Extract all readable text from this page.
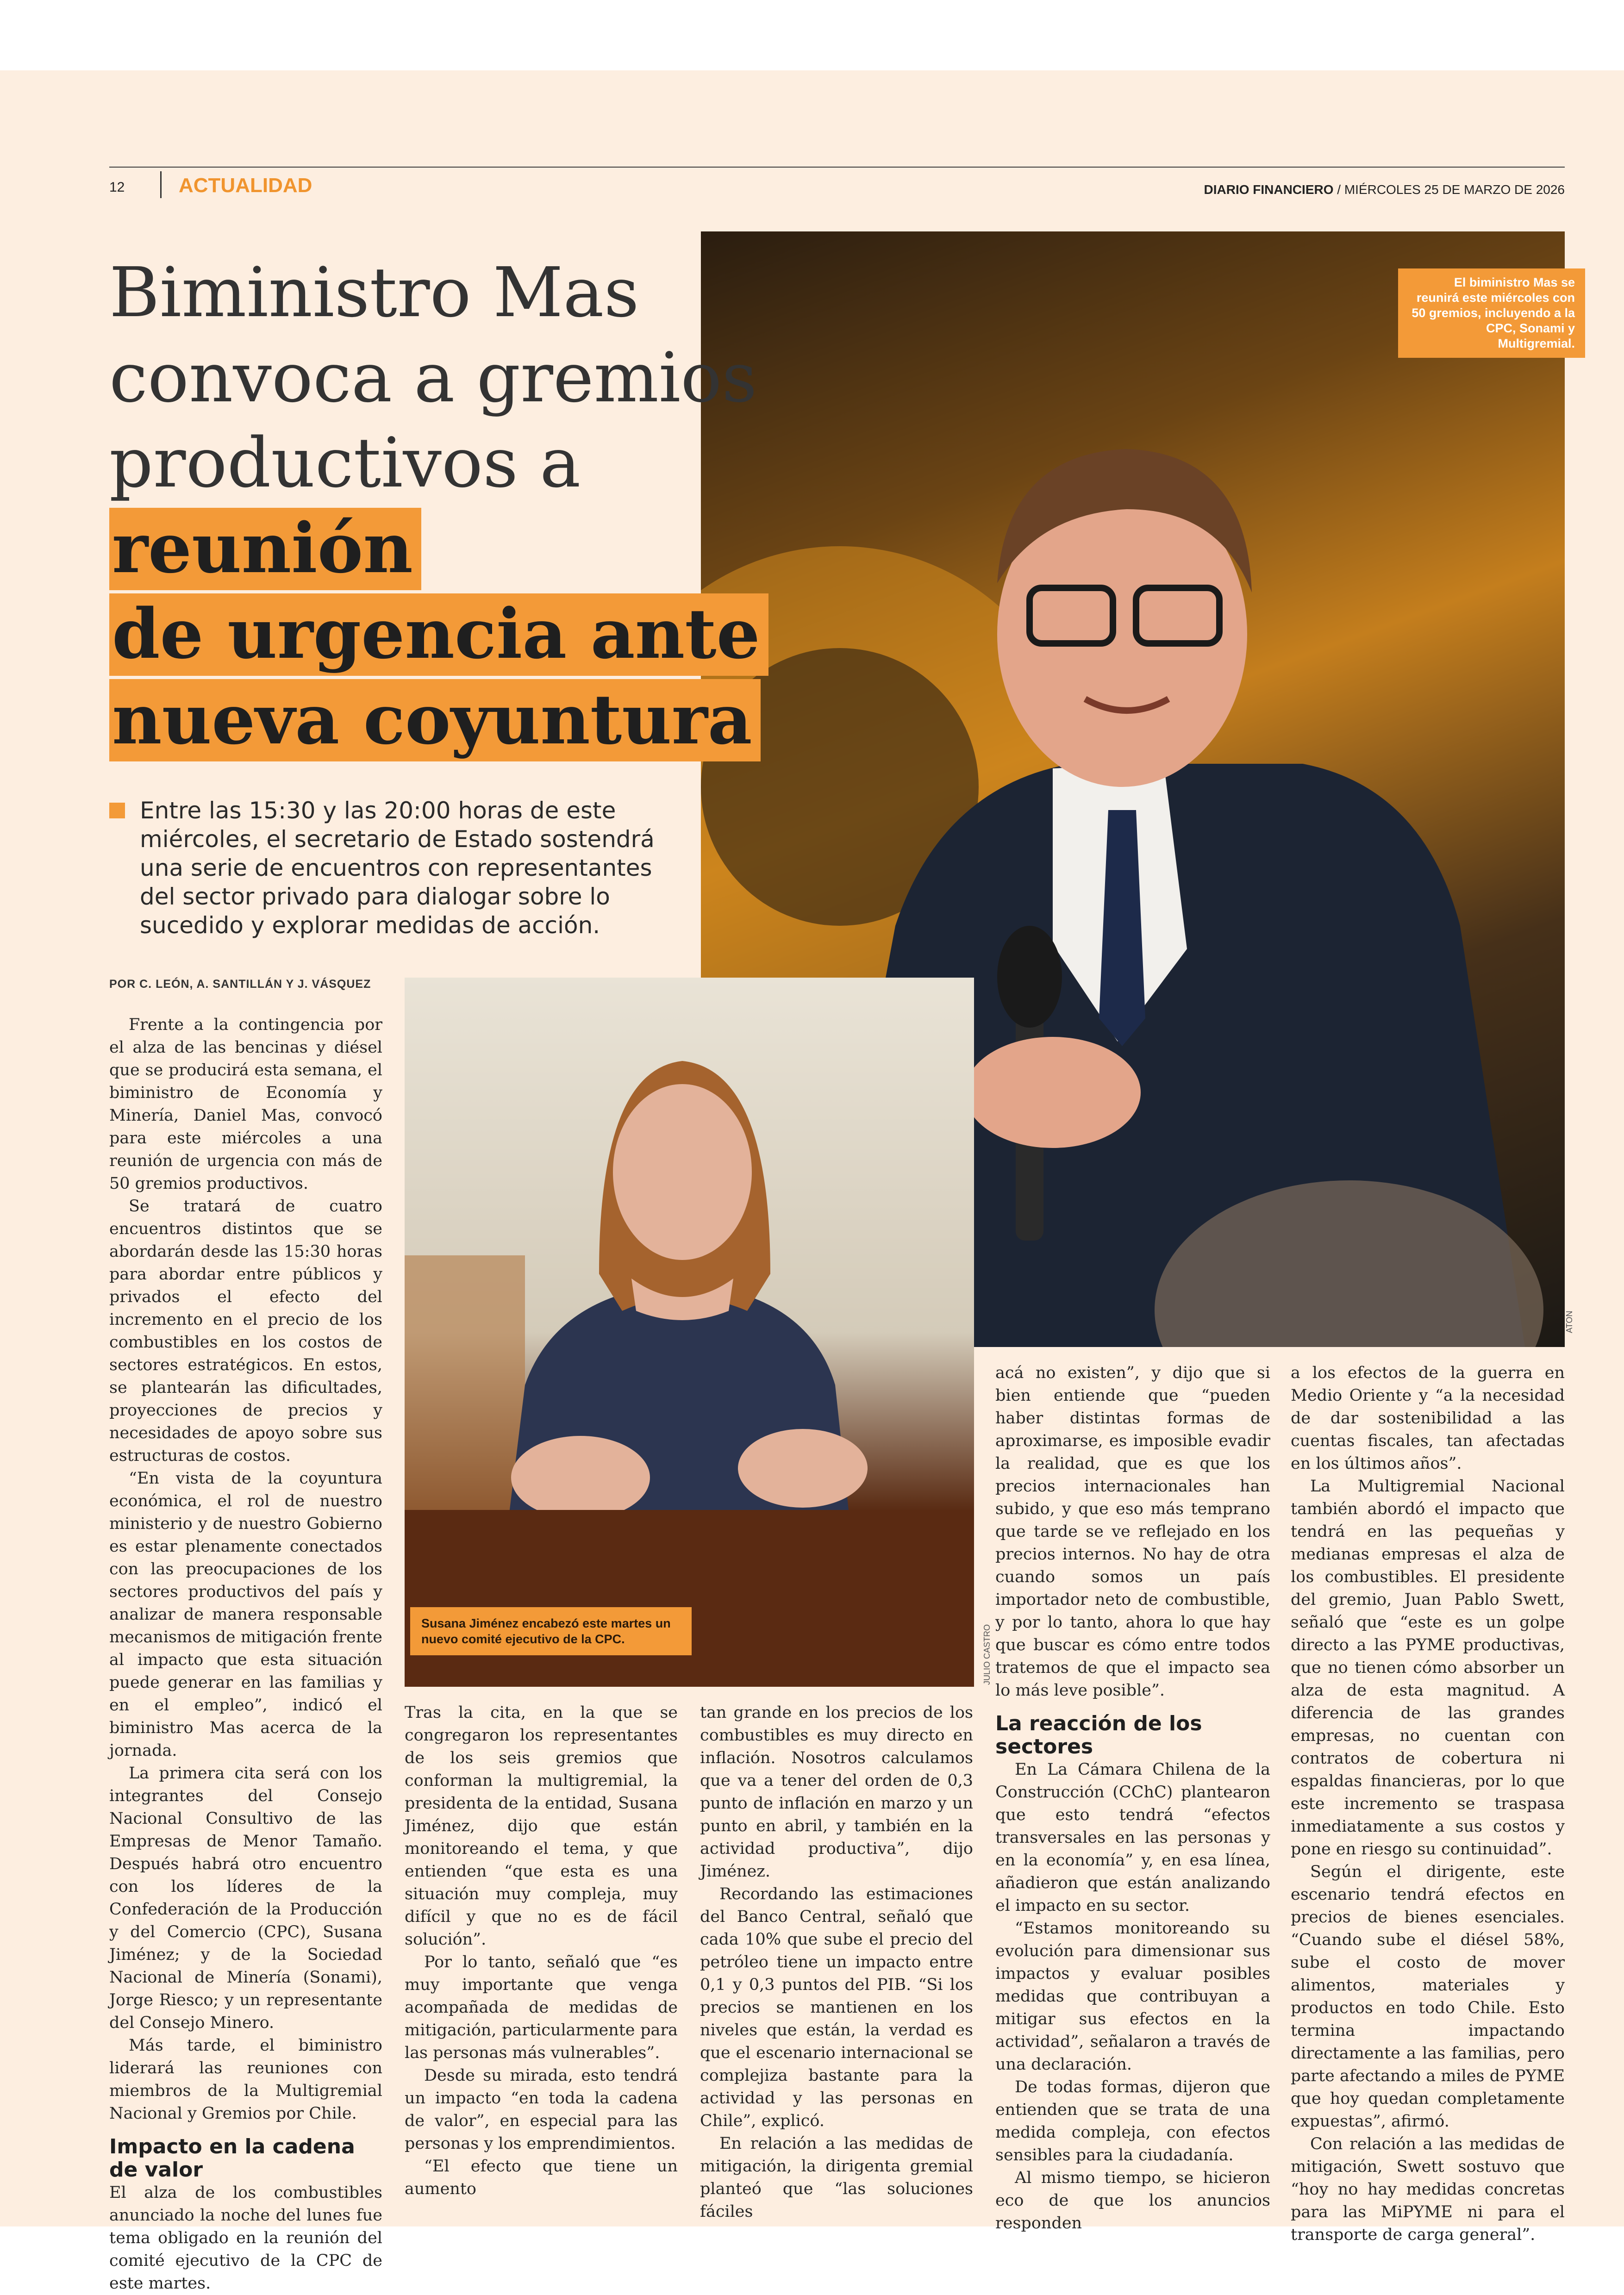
12	ACTUALIDAD	DIARIO FINANCIERO / MIÉRCOLES 25 DE MARZO DE 2026
El biministro Mas se reunirá este miércoles con 50 gremios, incluyendo a la CPC, Sonami y Multigremial.
ATON
Biministro Mas
convoca a gremios
productivos a reunión
de urgencia ante
nueva coyuntura
Entre las 15:30 y las 20:00 horas de este miércoles, el secretario de Estado sostendrá una serie de encuentros con representantes del sector privado para dialogar sobre lo sucedido y explorar medidas de acción.
POR C. LEÓN, A. SANTILLÁN Y J. VÁSQUEZ
Susana Jiménez encabezó este martes un nuevo comité ejecutivo de la CPC.	JULIO CASTRO

Frente a la contingencia por el alza de las bencinas y diésel que se producirá esta semana, el biministro de Economía y Minería, Daniel Mas, convocó para este miércoles a una reunión de urgencia con más de 50 gremios productivos.

Se tratará de cuatro encuentros distintos que se abordarán desde las 15:30 horas para abordar entre públicos y privados el efecto del incremento en el precio de los combustibles en los costos de sectores estratégicos. En estos, se plantearán las dificultades, proyecciones de precios y necesidades de apoyo sobre sus estructuras de costos.

“En vista de la coyuntura económica, el rol de nuestro ministerio y de nuestro Gobierno es estar plenamente conectados con las preocupaciones de los sectores productivos del país y analizar de manera responsable mecanismos de mitigación frente al impacto que esta situación puede generar en las familias y en el empleo”, indicó el biministro Mas acerca de la jornada.

La primera cita será con los integrantes del Consejo Nacional Consultivo de las Empresas de Menor Tamaño. Después habrá otro encuentro con los líderes de la Confederación de la Producción y del Comercio (CPC), Susana Jiménez; y de la Sociedad Nacional de Minería (Sonami), Jorge Riesco; y un representante del Consejo Minero.

Más tarde, el biministro liderará las reuniones con miembros de la Multigremial Nacional y Gremios por Chile.

Impacto en la cadena de valor

El alza de los combustibles anunciado la noche del lunes fue tema obligado en la reunión del comité ejecutivo de la CPC de este martes.

Tras la cita, en la que se congregaron los representantes de los seis gremios que conforman la multigremial, la presidenta de la entidad, Susana Jiménez, dijo que están monitoreando el tema, y que entienden “que esta es una situación muy compleja, muy difícil y que no es de fácil solución”.

Por lo tanto, señaló que “es muy importante que venga acompañada de medidas de mitigación, particularmente para las personas más vulnerables”.

Desde su mirada, esto tendrá un impacto “en toda la cadena de valor”, en especial para las personas y los emprendimientos.

“El efecto que tiene un aumento

tan grande en los precios de los combustibles es muy directo en inflación. Nosotros calculamos que va a tener del orden de 0,3 punto de inflación en marzo y un punto en abril, y también en la actividad productiva”, dijo Jiménez.

Recordando las estimaciones del Banco Central, señaló que cada 10% que sube el precio del petróleo tiene un impacto entre 0,1 y 0,3 puntos del PIB. “Si los precios se mantienen en los niveles que están, la verdad es que el escenario internacional se complejiza bastante para la actividad y las personas en Chile”, explicó.

En relación a las medidas de mitigación, la dirigenta gremial planteó que “las soluciones fáciles

acá no existen”, y dijo que si bien entiende que “pueden haber distintas formas de aproximarse, es imposible evadir la realidad, que es que los precios internacionales han subido, y que eso más temprano que tarde se ve reflejado en los precios internos. No hay de otra cuando somos un país importador neto de combustible, y por lo tanto, ahora lo que hay que buscar es cómo entre todos tratemos de que el impacto sea lo más leve posible”.

La reacción de los sectores

En La Cámara Chilena de la Construcción (CChC) plantearon que esto tendrá “efectos transversales en las personas y en la economía” y, en esa línea, añadieron que están analizando el impacto en su sector.

“Estamos monitoreando su evolución para dimensionar sus impactos y evaluar posibles medidas que contribuyan a mitigar sus efectos en la actividad”, señalaron a través de una declaración.

De todas formas, dijeron que entienden que se trata de una medida compleja, con efectos sensibles para la ciudadanía.

Al mismo tiempo, se hicieron eco de que los anuncios responden

a los efectos de la guerra en Medio Oriente y “a la necesidad de dar sostenibilidad a las cuentas fiscales, tan afectadas en los últimos años”.

La Multigremial Nacional también abordó el impacto que tendrá en las pequeñas y medianas empresas el alza de los combustibles. El presidente del gremio, Juan Pablo Swett, señaló que “este es un golpe directo a las PYME productivas, que no tienen cómo absorber un alza de esta magnitud. A diferencia de las grandes empresas, no cuentan con contratos de cobertura ni espaldas financieras, por lo que este incremento se traspasa inmediatamente a sus costos y pone en riesgo su continuidad”.

Según el dirigente, este escenario tendrá efectos en precios de bienes esenciales. “Cuando sube el diésel 58%, sube el costo de mover alimentos, materiales y productos en todo Chile. Esto termina impactando directamente a las familias, pero parte afectando a miles de PYME que hoy quedan completamente expuestas”, afirmó.

Con relación a las medidas de mitigación, Swett sostuvo que “hoy no hay medidas concretas para las MiPYME ni para el transporte de carga general”.
